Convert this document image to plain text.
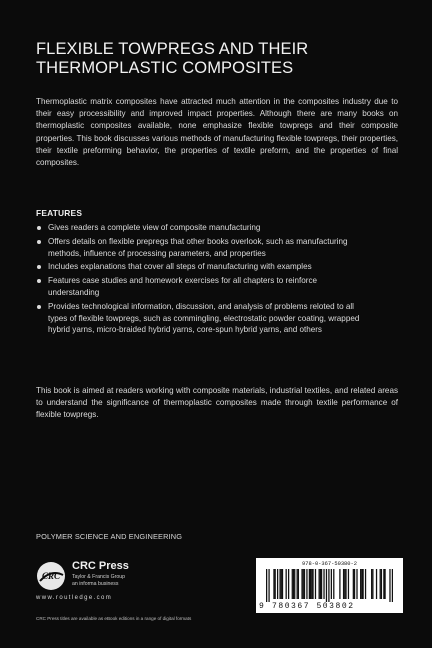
FLEXIBLE TOWPREGS AND THEIR
THERMOPLASTIC COMPOSITES

Thermoplastic matrix composites have attracted much attention in the composites industry due to their easy processibility and improved impact properties. Although there are many books on thermoplastic composites available, none emphasize flexible towpregs and their composite properties. This book discusses various methods of manufacturing flexible towpregs, their properties, their textile preforming behavior, the properties of textile preform, and the properties of final composites.

FEATURES
Gives readers a complete view of composite manufacturing
Offers details on flexible prepregs that other books overlook, such as manufacturing methods, influence of processing parameters, and properties
Includes explanations that cover all steps of manufacturing with examples
Features case studies and homework exercises for all chapters to reinforce understanding
Provides technological information, discussion, and analysis of problems reloted to all types of flexible towpregs, such as commingling, electrostatic powder coating, wrapped hybrid yarns, micro-braided hybrid yarns, core-spun hybrid yarns, and others

This book is aimed at readers working with composite materials, industrial textiles, and related areas to understand the significance of thermoplastic composites made through textile performance of flexible towpregs.

POLYMER SCIENCE AND ENGINEERING
CRC
CRC Press
Taylor & Francis Group
an informa business
www.routledge.com
CRC Press titles are available as eBook editions in a range of digital formats
978-0-367-50380-2
9 780367 503802
